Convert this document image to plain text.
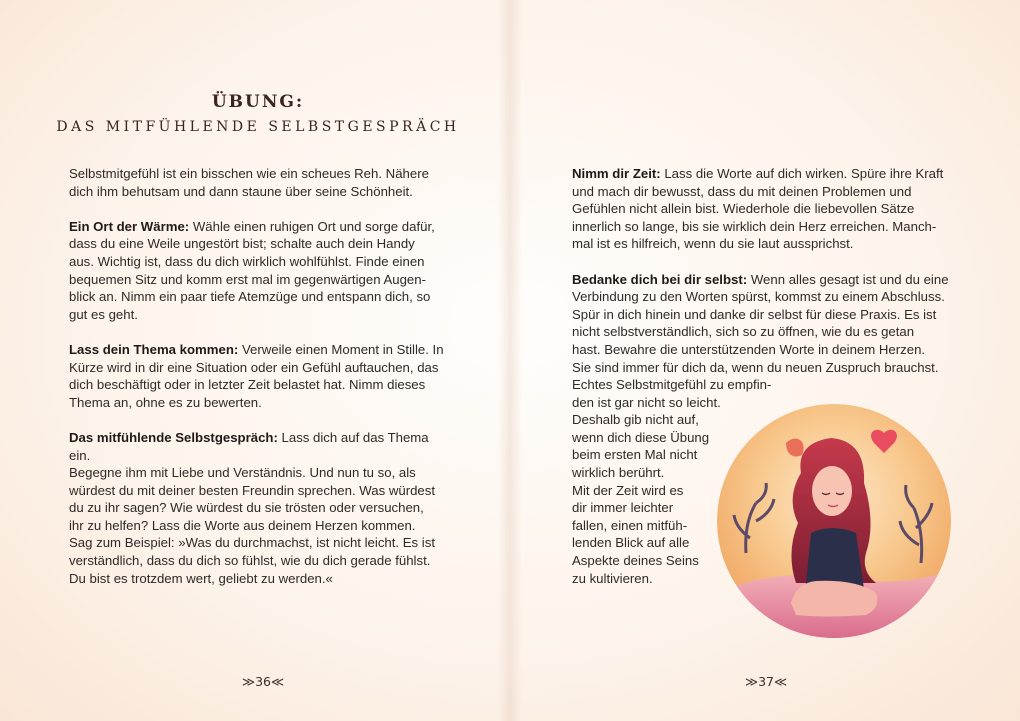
ÜBUNG:
DAS MITFÜHLENDE SELBSTGESPRÄCH

Selbstmitgefühl ist ein bisschen wie ein scheues Reh. Nähere
dich ihm behutsam und dann staune über seine Schönheit.

Ein Ort der Wärme: Wähle einen ruhigen Ort und sorge dafür,
dass du eine Weile ungestört bist; schalte auch dein Handy
aus. Wichtig ist, dass du dich wirklich wohlfühlst. Finde einen
bequemen Sitz und komm erst mal im gegenwärtigen Augen-
blick an. Nimm ein paar tiefe Atemzüge und entspann dich, so
gut es geht.

Lass dein Thema kommen: Verweile einen Moment in Stille. In
Kürze wird in dir eine Situation oder ein Gefühl auftauchen, das
dich beschäftigt oder in letzter Zeit belastet hat. Nimm dieses
Thema an, ohne es zu bewerten.

Das mitfühlende Selbstgespräch: Lass dich auf das Thema ein.
Begegne ihm mit Liebe und Verständnis. Und nun tu so, als
würdest du mit deiner besten Freundin sprechen. Was würdest
du zu ihr sagen? Wie würdest du sie trösten oder versuchen,
ihr zu helfen? Lass die Worte aus deinem Herzen kommen.
Sag zum Beispiel: »Was du durchmachst, ist nicht leicht. Es ist
verständlich, dass du dich so fühlst, wie du dich gerade fühlst.
Du bist es trotzdem wert, geliebt zu werden.«

Nimm dir Zeit: Lass die Worte auf dich wirken. Spüre ihre Kraft
und mach dir bewusst, dass du mit deinen Problemen und
Gefühlen nicht allein bist. Wiederhole die liebevollen Sätze
innerlich so lange, bis sie wirklich dein Herz erreichen. Manch-
mal ist es hilfreich, wenn du sie laut aussprichst.

Bedanke dich bei dir selbst: Wenn alles gesagt ist und du eine
Verbindung zu den Worten spürst, kommst zu einem Abschluss.
Spür in dich hinein und danke dir selbst für diese Praxis. Es ist
nicht selbstverständlich, sich so zu öffnen, wie du es getan
hast. Bewahre die unterstützenden Worte in deinem Herzen.
Sie sind immer für dich da, wenn du neuen Zuspruch brauchst.

Echtes Selbstmitgefühl zu empfin-
den ist gar nicht so leicht.
Deshalb gib nicht auf,
wenn dich diese Übung
beim ersten Mal nicht
wirklich berührt.
Mit der Zeit wird es
dir immer leichter
fallen, einen mitfüh-
lenden Blick auf alle
Aspekte deines Seins
zu kultivieren.
≫36≪	≫37≪
